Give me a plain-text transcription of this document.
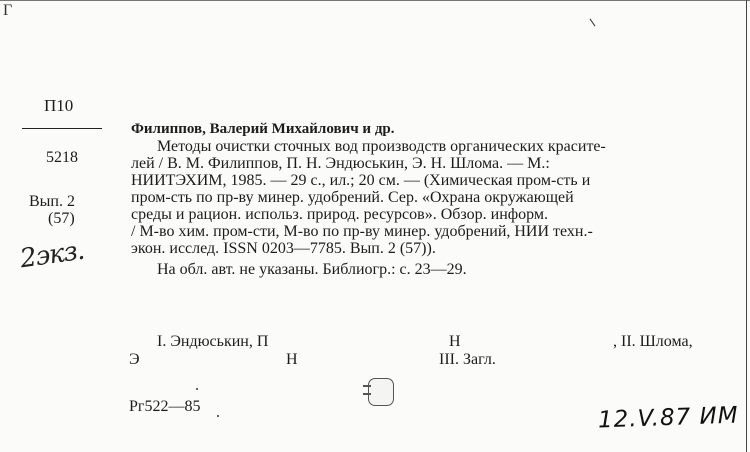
Г
П10
5218
Вып. 2
(57)
2экз.
Филиппов, Валерий Михайлович и др.
Методы очистки сточных вод производств органических красите-
лей / В. М. Филиппов, П. Н. Эндюськин, Э. Н. Шлома. — М.:
НИИТЭХИМ, 1985. — 29 с., ил.; 20 см. — (Химическая пром-сть и
пром-сть по пр-ву минер. удобрений. Сер. «Охрана окружающей
среды и рацион. использ. природ. ресурсов». Обзор. информ.
/ М-во хим. пром-сти, М-во по пр-ву минер. удобрений, НИИ техн.-
экон. исслед. ISSN 0203—7785. Вып. 2 (57)).
На обл. авт. не указаны. Библиогр.: с. 23—29.
I. Эндюськин, П	Н	, II. Шлома,
Э	Н	III. Загл.
Рг522—85	12.V.87 ИМ
